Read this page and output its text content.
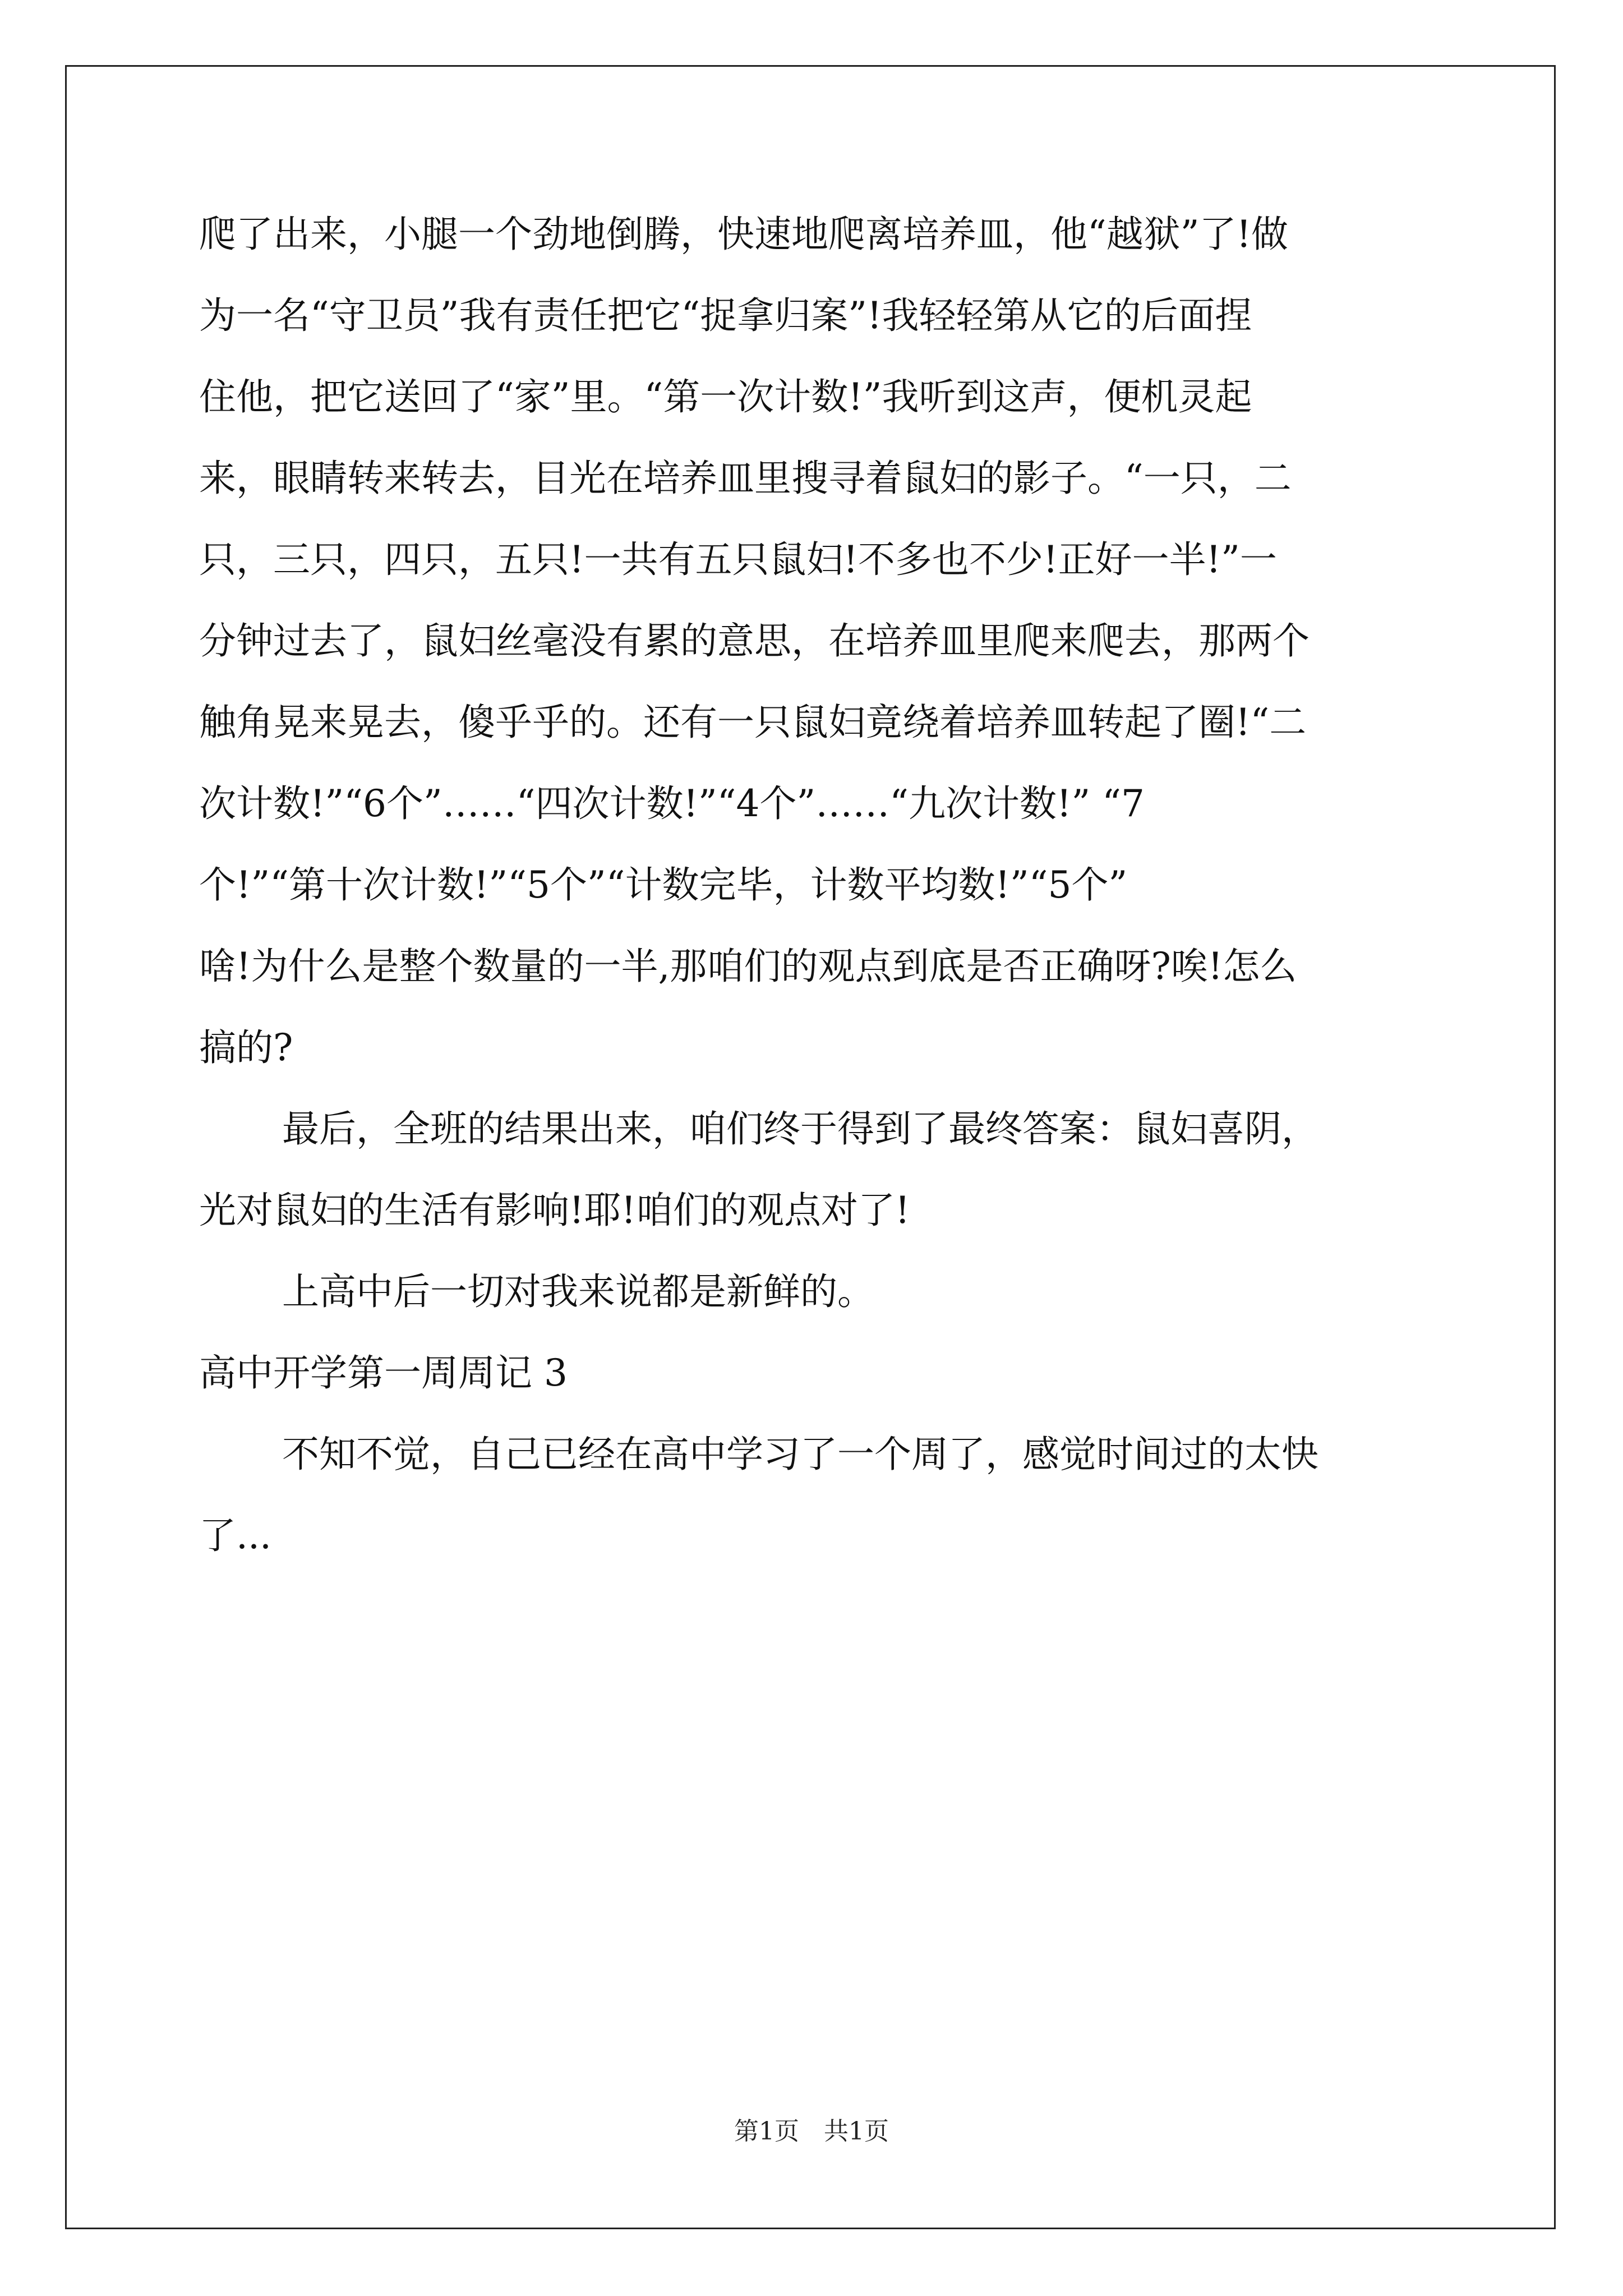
爬了出来，小腿一个劲地倒腾，快速地爬离培养皿，他“越狱”了!做
为一名“守卫员”我有责任把它“捉拿归案”!我轻轻第从它的后面捏
住他，把它送回了“家”里。“第一次计数!”我听到这声，便机灵起
来，眼睛转来转去，目光在培养皿里搜寻着鼠妇的影子。“一只，二
只，三只，四只，五只!一共有五只鼠妇!不多也不少!正好一半!”一
分钟过去了，鼠妇丝毫没有累的意思，在培养皿里爬来爬去，那两个
触角晃来晃去，傻乎乎的。还有一只鼠妇竟绕着培养皿转起了圈!“二
次计数!”“6个”……“四次计数!”“4个”……“九次计数!” “7
个!”“第十次计数!”“5个”“计数完毕，计数平均数!”“5个”
啥!为什么是整个数量的一半,那咱们的观点到底是否正确呀?唉!怎么
搞的?
最后，全班的结果出来，咱们终于得到了最终答案：鼠妇喜阴，
光对鼠妇的生活有影响!耶!咱们的观点对了!
上高中后一切对我来说都是新鲜的。
高中开学第一周周记 3
不知不觉，自己已经在高中学习了一个周了，感觉时间过的太快
了...
第1页　共1页
